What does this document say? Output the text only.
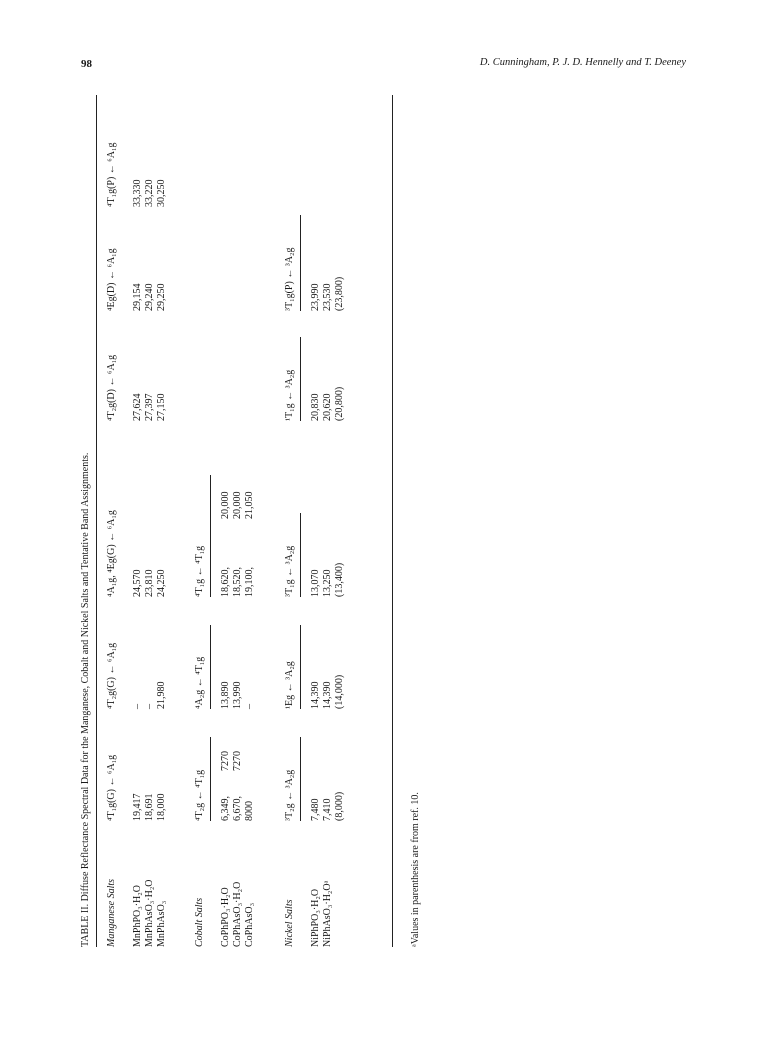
98	D. Cunningham, P. J. D. Hennelly and T. Deeney
TABLE II. Diffuse Reflectance Spectral Data for the Manganese, Cobalt and Nickel Salts and Tentative Band Assignments. Manganese Salts
⁴T₁g(G) ← ⁶A₁g
⁴T₂g(G) ← ⁶A₁g
⁴A₁g, ⁴Eg(G) ← ⁶A₁g
⁴T₂g(D) ← ⁶A₁g
⁴Eg(D) ← ⁶A₁g
⁴T₁g(P) ← ⁶A₁g
MnPhPO₃·H₂O
19,417
–
24,570
27,624
29,154
33,330
MnPhAsO₃·H₂O
18,691
–
23,810
27,397
29,240
33,220
MnPhAsO₃
18,000
21,980
24,250
27,150
29,250
30,250
Cobalt Salts
⁴T₂g ← ⁴T₁g
⁴A₂g ← ⁴T₁g
⁴T₁g ← ⁴T₁g
CoPhPO₃·H₂O
6,349,
7270
13,890
18,620,
20,000
CoPhAsO₃·H₂O
6,670,
7270
13,990
18,520,
20,000
CoPhAsO₃
8000
–
19,100,
21,050
Nickel Salts
³T₂g ← ³A₂g
¹Eg ← ³A₂g
³T₁g ← ³A₂g
¹T₁g ← ³A₂g
³T₁g(P) ← ³A₂g
NiPhPO₃·H₂O
7,480
14,390
13,070
20,830
23,990
NiPhAsO₃·H₂Oᵃ
7,410
14,390
13,250
20,620
23,530
(8,000)
(14,000)
(13,400)
(20,800)
(23,800)
ᵃValues in parenthesis are from ref. 10.
